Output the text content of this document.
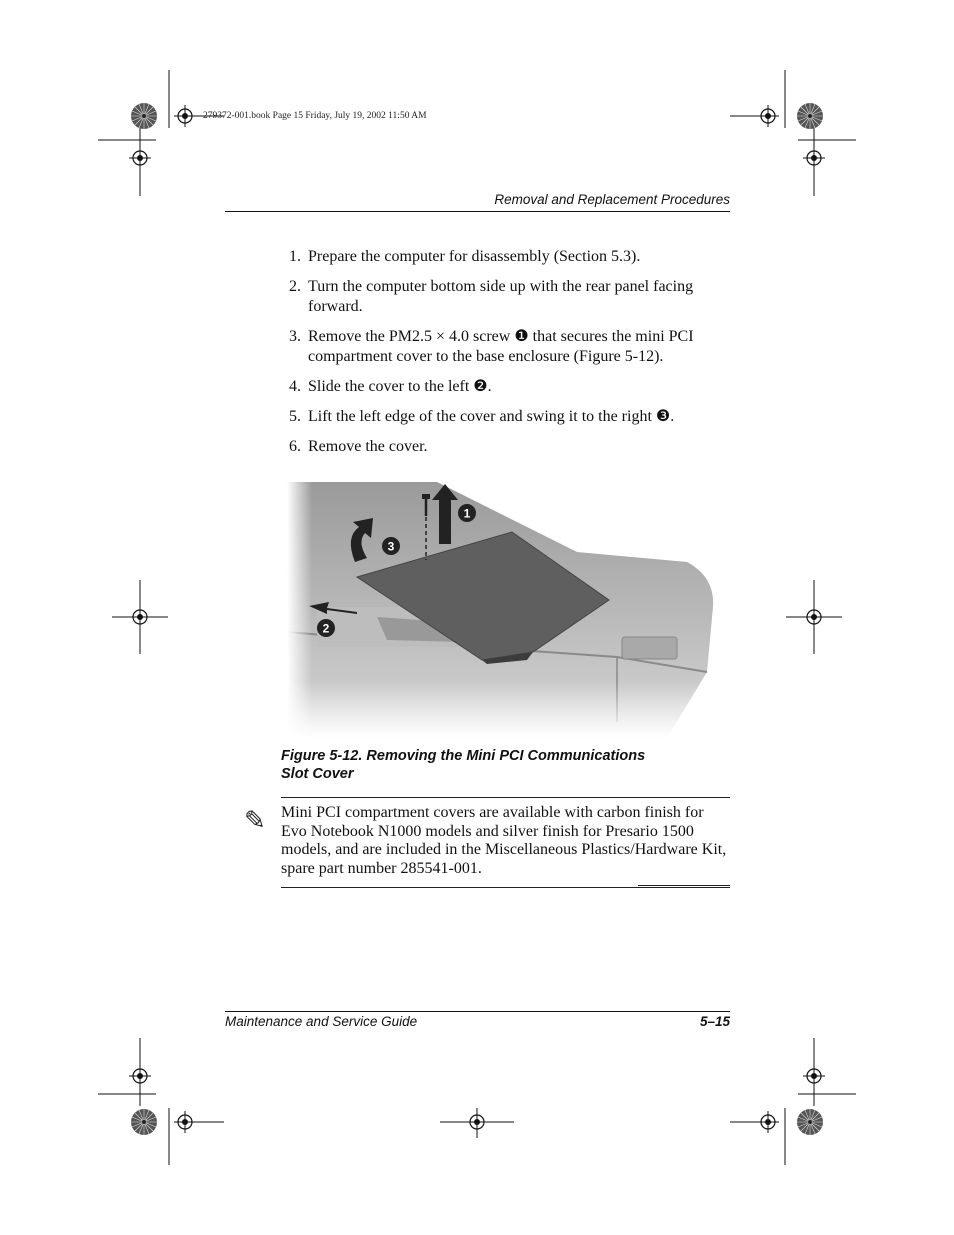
279372-001.book Page 15 Friday, July 19, 2002 11:50 AM
Removal and Replacement Procedures
1. Prepare the computer for disassembly (Section 5.3).
2. Turn the computer bottom side up with the rear panel facing forward.
3. Remove the PM2.5 × 4.0 screw ❶ that secures the mini PCI compartment cover to the base enclosure (Figure 5-12).
4. Slide the cover to the left ❷.
5. Lift the left edge of the cover and swing it to the right ❸.
6. Remove the cover.
1
3
2
Figure 5-12. Removing the Mini PCI Communications
Slot Cover
✎ Mini PCI compartment covers are available with carbon finish for Evo Notebook N1000 models and silver finish for Presario 1500 models, and are included in the Miscellaneous Plastics/Hardware Kit, spare part number 285541-001.
Maintenance and Service Guide	5–15
